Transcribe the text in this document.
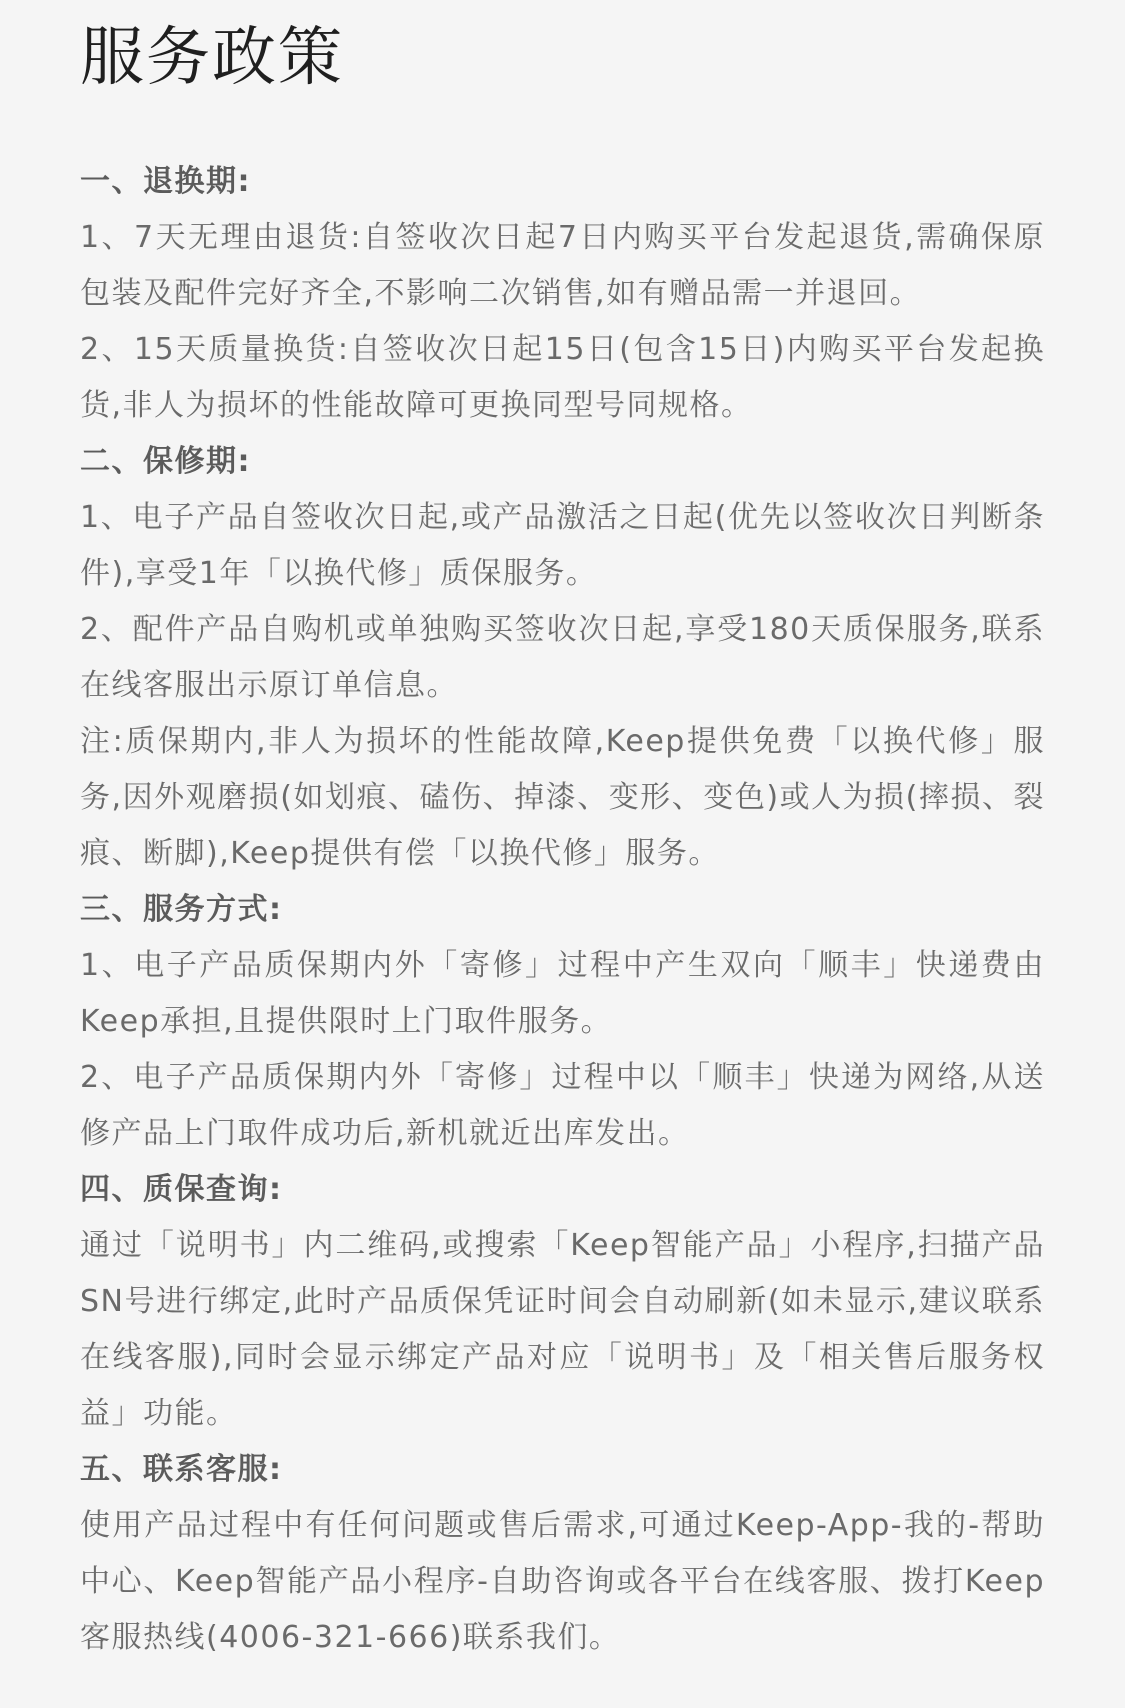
服务政策
一、退换期:

1、7天无理由退货:自签收次日起7日内购买平台发起退货,需确保原包装及配件完好齐全,不影响二次销售,如有赠品需一并退回。

2、15天质量换货:自签收次日起15日(包含15日)内购买平台发起换货,非人为损坏的性能故障可更换同型号同规格。

二、保修期:

1、电子产品自签收次日起,或产品激活之日起(优先以签收次日判断条件),享受1年「以换代修」质保服务。

2、配件产品自购机或单独购买签收次日起,享受180天质保服务,联系在线客服出示原订单信息。

注:质保期内,非人为损坏的性能故障,Keep提供免费「以换代修」服务,因外观磨损(如划痕、磕伤、掉漆、变形、变色)或人为损(摔损、裂痕、断脚),Keep提供有偿「以换代修」服务。

三、服务方式:

1、电子产品质保期内外「寄修」过程中产生双向「顺丰」快递费由Keep承担,且提供限时上门取件服务。

2、电子产品质保期内外「寄修」过程中以「顺丰」快递为网络,从送修产品上门取件成功后,新机就近出库发出。

四、质保查询:

通过「说明书」内二维码,或搜索「Keep智能产品」小程序,扫描产品SN号进行绑定,此时产品质保凭证时间会自动刷新(如未显示,建议联系在线客服),同时会显示绑定产品对应「说明书」及「相关售后服务权益」功能。

五、联系客服:

使用产品过程中有任何问题或售后需求,可通过Keep-App-我的-帮助中心、Keep智能产品小程序-自助咨询或各平台在线客服、拨打Keep客服热线(4006-321-666)联系我们。
